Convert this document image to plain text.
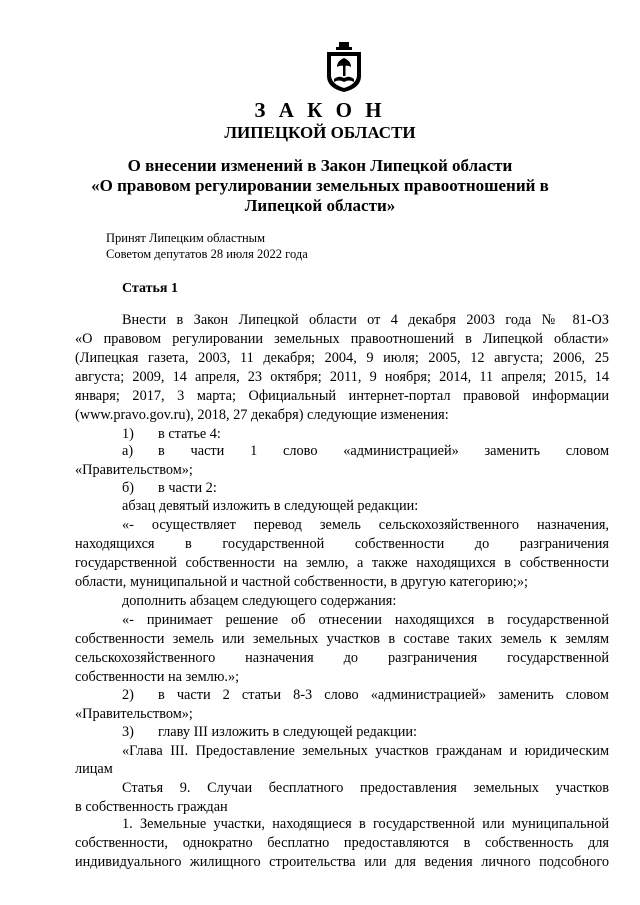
З А К О Н
ЛИПЕЦКОЙ ОБЛАСТИ
О внесении изменений в Закон Липецкой области
«О правовом регулировании земельных правоотношений в
Липецкой области»
Принят Липецким областным
Советом депутатов 28 июля 2022 года
Статья 1
Внести в Закон Липецкой области от 4 декабря 2003 года № 81-ОЗ
«О правовом регулировании земельных правоотношений в Липецкой области»
(Липецкая газета, 2003, 11 декабря; 2004, 9 июля; 2005, 12 августа; 2006, 25
августа; 2009, 14 апреля, 23 октября; 2011, 9 ноября; 2014, 11 апреля; 2015, 14
января; 2017, 3 марта; Официальный интернет-портал правовой информации
(www.pravo.gov.ru), 2018, 27 декабря) следующие изменения:
1)	в статье 4:
а)	в части 1 слово «администрацией» заменить словом
«Правительством»;
б)	в части 2:
абзац девятый изложить в следующей редакции:
«- осуществляет перевод земель сельскохозяйственного назначения,
находящихся в государственной собственности до разграничения
государственной собственности на землю, а также находящихся в собственности
области, муниципальной и частной собственности, в другую категорию;»;
дополнить абзацем следующего содержания:
«- принимает решение об отнесении находящихся в государственной
собственности земель или земельных участков в составе таких земель к землям
сельскохозяйственного назначения до разграничения государственной
собственности на землю.»;
2)	в части 2 статьи 8-3 слово «администрацией» заменить словом
«Правительством»;
3)	главу III изложить в следующей редакции:
«Глава III. Предоставление земельных участков гражданам и юридическим
лицам
Статья 9. Случаи бесплатного предоставления земельных участков
в собственность граждан
1. Земельные участки, находящиеся в государственной или муниципальной
собственности, однократно бесплатно предоставляются в собственность для
индивидуального жилищного строительства или для ведения личного подсобного
